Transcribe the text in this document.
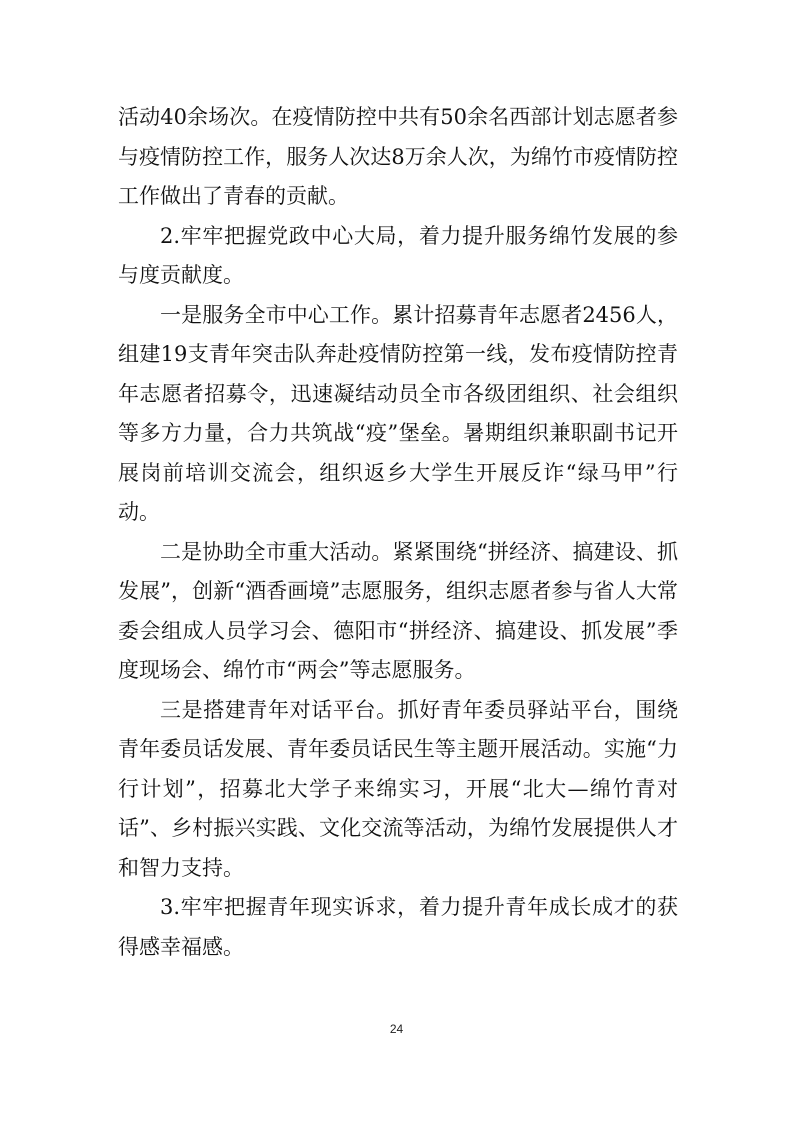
活动40余场次。在疫情防控中共有50余名西部计划志愿者参与疫情防控工作，服务人次达8万余人次，为绵竹市疫情防控工作做出了青春的贡献。

2.牢牢把握党政中心大局，着力提升服务绵竹发展的参与度贡献度。

一是服务全市中心工作。累计招募青年志愿者2456人，组建19支青年突击队奔赴疫情防控第一线，发布疫情防控青年志愿者招募令，迅速凝结动员全市各级团组织、社会组织等多方力量，合力共筑战“疫”堡垒。暑期组织兼职副书记开展岗前培训交流会，组织返乡大学生开展反诈“绿马甲”行动。

二是协助全市重大活动。紧紧围绕“拼经济、搞建设、抓发展”，创新“酒香画境”志愿服务，组织志愿者参与省人大常委会组成人员学习会、德阳市“拼经济、搞建设、抓发展”季度现场会、绵竹市“两会”等志愿服务。

三是搭建青年对话平台。抓好青年委员驿站平台，围绕青年委员话发展、青年委员话民生等主题开展活动。实施“力行计划”，招募北大学子来绵实习，开展“北大—绵竹青对话”、乡村振兴实践、文化交流等活动，为绵竹发展提供人才和智力支持。

3.牢牢把握青年现实诉求，着力提升青年成长成才的获得感幸福感。

24
